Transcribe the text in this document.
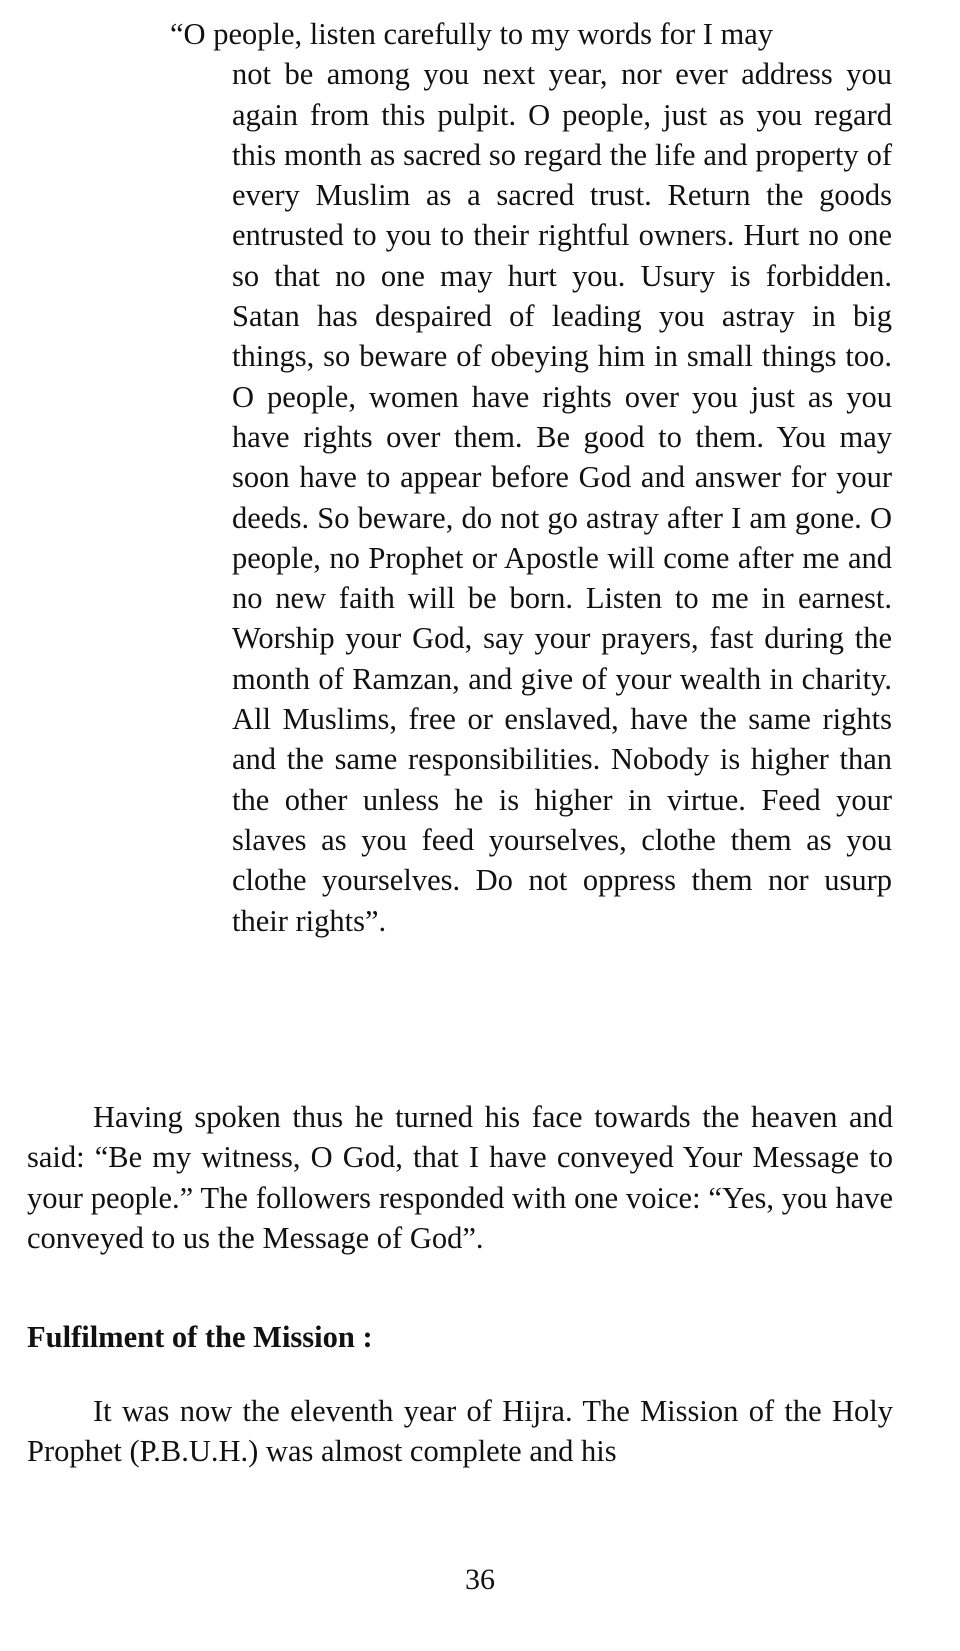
“O people, listen carefully to my words for I may
not be among you next year, nor ever address you again from this pulpit. O people, just as you regard this month as sacred so regard the life and property of every Muslim as a sacred trust. Return the goods entrusted to you to their rightful owners. Hurt no one so that no one may hurt you. Usury is forbidden. Satan has despaired of leading you astray in big things, so beware of obeying him in small things too. O people, women have rights over you just as you have rights over them. Be good to them. You may soon have to appear before God and answer for your deeds. So beware, do not go astray after I am gone. O people, no Prophet or Apostle will come after me and no new faith will be born. Listen to me in earnest. Worship your God, say your prayers, fast during the month of Ramzan, and give of your wealth in charity. All Muslims, free or enslaved, have the same rights and the same responsibilities. Nobody is higher than the other unless he is higher in virtue. Feed your slaves as you feed yourselves, clothe them as you clothe yourselves. Do not oppress them nor usurp their rights”.

Having spoken thus he turned his face towards the heaven and said: “Be my witness, O God, that I have conveyed Your Message to your people.” The followers responded with one voice: “Yes, you have conveyed to us the Message of God”.

Fulfilment of the Mission :

It was now the eleventh year of Hijra. The Mission of the Holy Prophet (P.B.U.H.) was almost complete and his

36
